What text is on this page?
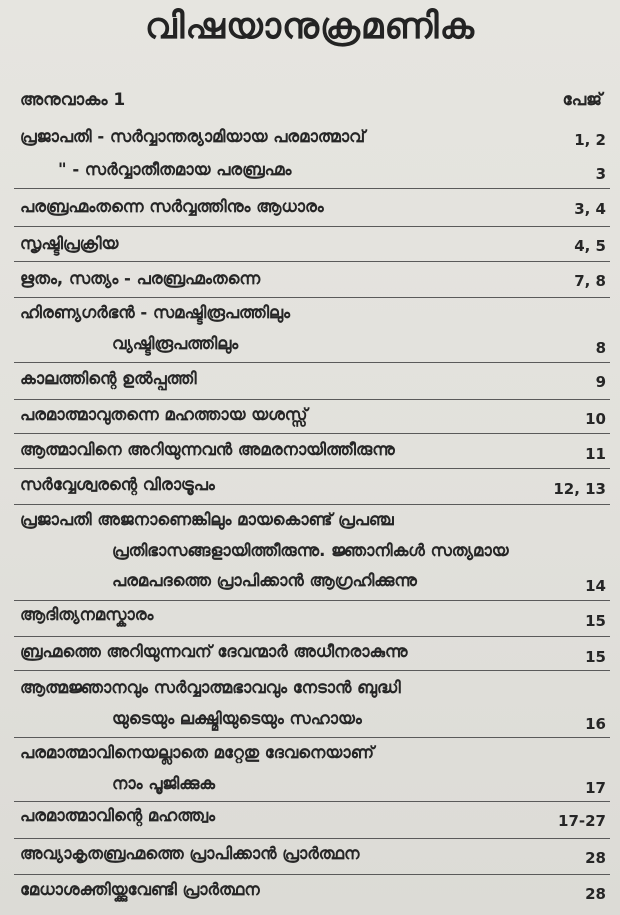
വിഷയാനുക്രമണിക
അനുവാകം 1	പേജ്
പ്രജാപതി - സർവ്വാന്തര്യാമിയായ പരമാത്മാവ്	1, 2
" - സർവ്വാതീതമായ പരബ്രഹ്മം	3
പരബ്രഹ്മംതന്നെ സർവ്വത്തിനും ആധാരം	3, 4
സൃഷ്ടിപ്രക്രിയ	4, 5
ഋതം, സത്യം - പരബ്രഹ്മംതന്നെ	7, 8
ഹിരണ്യഗർഭൻ - സമഷ്ടിരൂപത്തിലും
വ്യഷ്ടിരൂപത്തിലും	8
കാലത്തിന്റെ ഉൽപ്പത്തി	9
പരമാത്മാവുതന്നെ മഹത്തായ യശസ്സ്	10
ആത്മാവിനെ അറിയുന്നവൻ അമരനായിത്തീരുന്നു	11
സർവ്വേശ്വരന്റെ വിരാട്രൂപം	12, 13
പ്രജാപതി അജനാണെങ്കിലും മായകൊണ്ട് പ്രപഞ്ച
പ്രതിഭാസങ്ങളായിത്തീരുന്നു. ജ്ഞാനികൾ സത്യമായ
പരമപദത്തെ പ്രാപിക്കാൻ ആഗ്രഹിക്കുന്നു	14
ആദിത്യനമസ്കാരം	15
ബ്രഹ്മത്തെ അറിയുന്നവന് ദേവന്മാർ അധീനരാകുന്നു	15
ആത്മജ്ഞാനവും സർവ്വാത്മഭാവവും നേടാൻ ബുദ്ധി
യുടെയും ലക്ഷ്മിയുടെയും സഹായം	16
പരമാത്മാവിനെയല്ലാതെ മറ്റേതു ദേവനെയാണ്
നാം പൂജിക്കുക	17
പരമാത്മാവിന്റെ മഹത്ത്വം	17-27
അവ്യാകൃതബ്രഹ്മത്തെ പ്രാപിക്കാൻ പ്രാർത്ഥന	28
മേധാശക്തിയ്ക്കുവേണ്ടി പ്രാർത്ഥന	28
